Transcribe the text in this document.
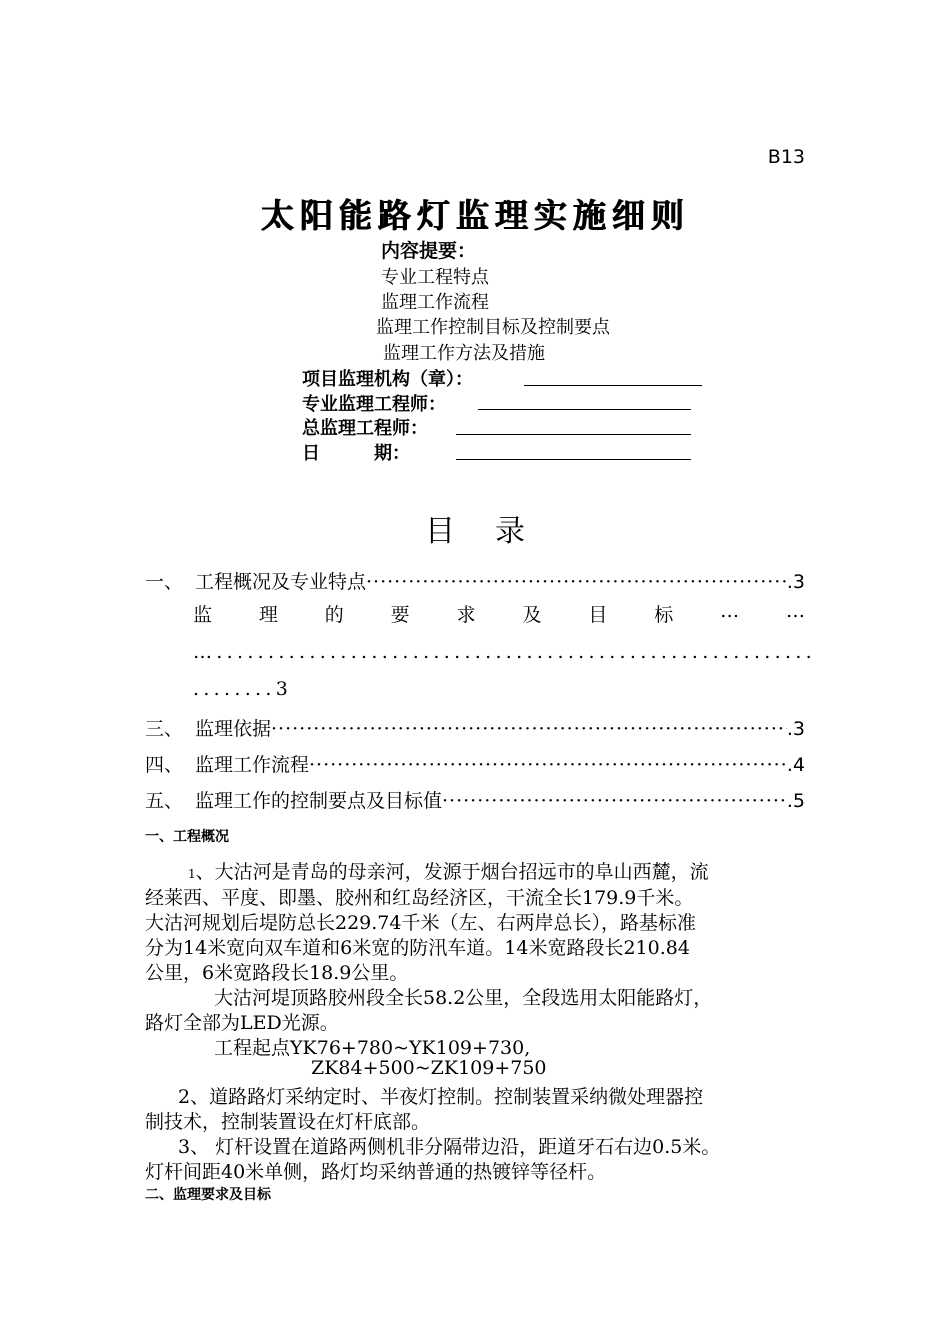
B13
太阳能路灯监理实施细则
内容提要：
专业工程特点
监理工作流程
监理工作控制目标及控制要点
监理工作方法及措施
项目监理机构（章）：
专业监理工程师：
总监理工程师：
日　　　期：
目录
一、 工程概况及专业特点 ·····	.3
监 理 的 要 求 及 目 标 … …
…..........................................................
........3
三、 监理依据 ·····	.3
四、 监理工作流程 ·····	.4
五、 监理工作的控制要点及目标值 ·····	.5
一、工程概况
1、大沽河是青岛的母亲河，发源于烟台招远市的阜山西麓，流
经莱西、平度、即墨、胶州和红岛经济区，干流全长179.9千米。
大沽河规划后堤防总长229.74千米（左、右两岸总长），路基标准
分为14米宽向双车道和6米宽的防汛车道。14米宽路段长210.84
公里，6米宽路段长18.9公里。
大沽河堤顶路胶州段全长58.2公里，全段选用太阳能路灯，
路灯全部为LED光源。
工程起点YK76+780~YK109+730,
ZK84+500~ZK109+750
2、道路路灯采纳定时、半夜灯控制。控制装置采纳微处理器控
制技术，控制装置设在灯杆底部。
3、 灯杆设置在道路两侧机非分隔带边沿，距道牙石右边0.5米。
灯杆间距40米单侧，路灯均采纳普通的热镀锌等径杆。
二、监理要求及目标
